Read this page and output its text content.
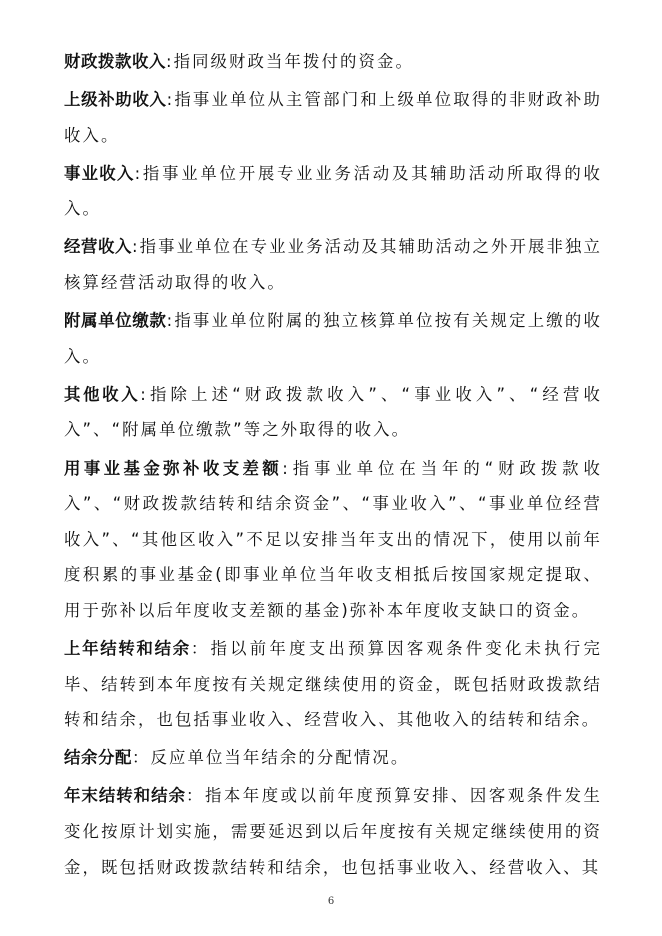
财政拨款收入:指同级财政当年拨付的资金。

上级补助收入:指事业单位从主管部门和上级单位取得的非财政补助收入。

事业收入:指事业单位开展专业业务活动及其辅助活动所取得的收入。

经营收入:指事业单位在专业业务活动及其辅助活动之外开展非独立核算经营活动取得的收入。

附属单位缴款:指事业单位附属的独立核算单位按有关规定上缴的收入。

其他收入:指除上述“财政拨款收入”、“事业收入”、“经营收入”、“附属单位缴款”等之外取得的收入。

用事业基金弥补收支差额:指事业单位在当年的“财政拨款收入”、“财政拨款结转和结余资金”、“事业收入”、“事业单位经营收入”、“其他区收入”不足以安排当年支出的情况下，使用以前年度积累的事业基金(即事业单位当年收支相抵后按国家规定提取、用于弥补以后年度收支差额的基金)弥补本年度收支缺口的资金。

上年结转和结余：指以前年度支出预算因客观条件变化未执行完毕、结转到本年度按有关规定继续使用的资金，既包括财政拨款结转和结余，也包括事业收入、经营收入、其他收入的结转和结余。

结余分配：反应单位当年结余的分配情况。

年末结转和结余：指本年度或以前年度预算安排、因客观条件发生变化按原计划实施，需要延迟到以后年度按有关规定继续使用的资金，既包括财政拨款结转和结余，也包括事业收入、经营收入、其

6
